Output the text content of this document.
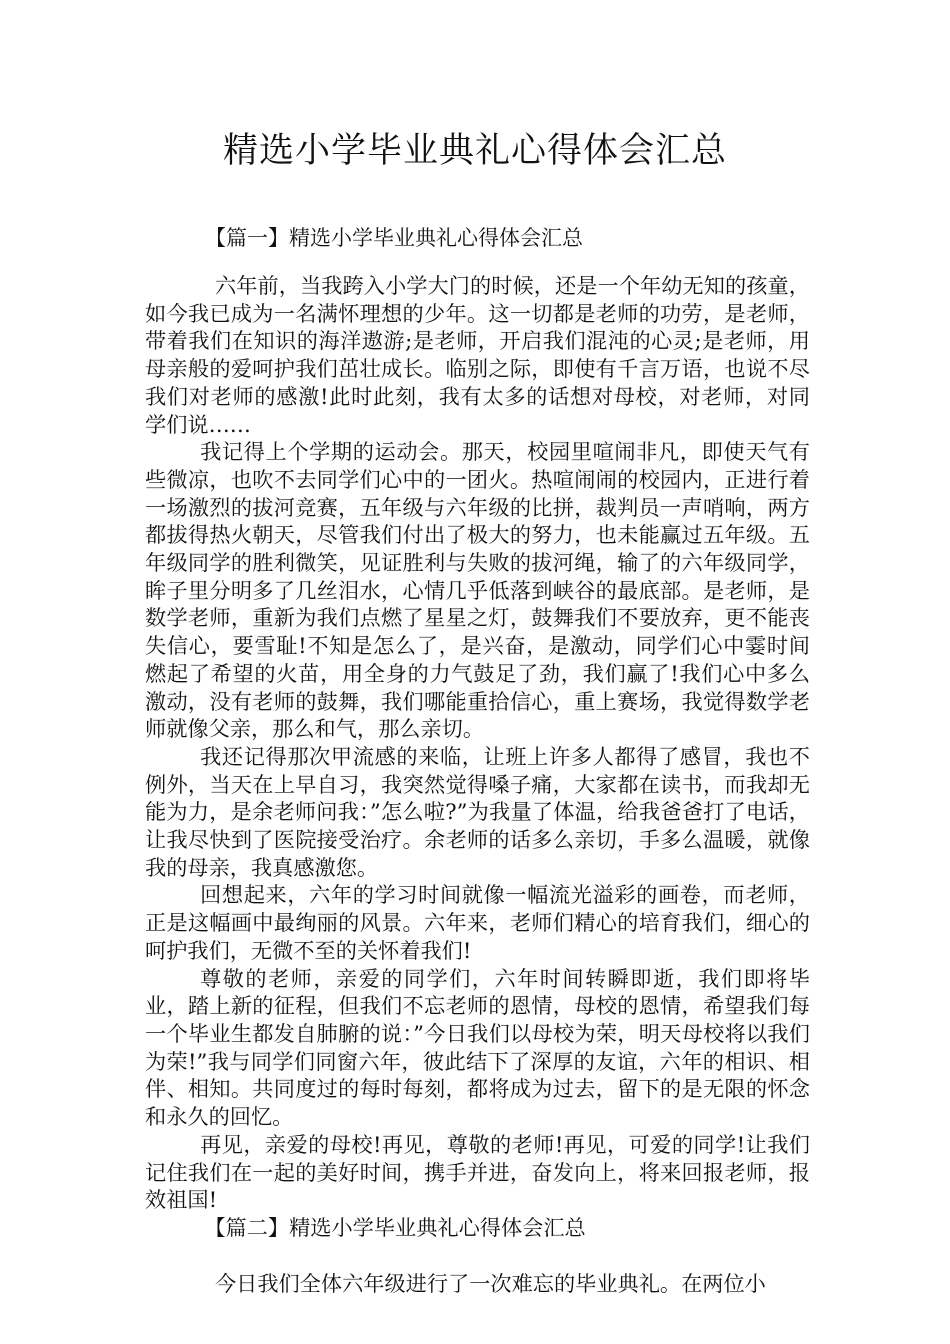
精选小学毕业典礼心得体会汇总
【篇一】精选小学毕业典礼心得体会汇总

六年前，当我跨入小学大门的时候，还是一个年幼无知的孩童，如今我已成为一名满怀理想的少年。这一切都是老师的功劳，是老师，带着我们在知识的海洋遨游;是老师，开启我们混沌的心灵;是老师，用母亲般的爱呵护我们茁壮成长。临别之际，即使有千言万语，也说不尽我们对老师的感激!此时此刻，我有太多的话想对母校，对老师，对同学们说……

我记得上个学期的运动会。那天，校园里喧闹非凡，即使天气有些微凉，也吹不去同学们心中的一团火。热喧闹闹的校园内，正进行着一场激烈的拔河竞赛，五年级与六年级的比拼，裁判员一声哨响，两方都拔得热火朝天，尽管我们付出了极大的努力，也未能赢过五年级。五年级同学的胜利微笑，见证胜利与失败的拔河绳，输了的六年级同学，眸子里分明多了几丝泪水，心情几乎低落到峡谷的最底部。是老师，是数学老师，重新为我们点燃了星星之灯，鼓舞我们不要放弃，更不能丧失信心，要雪耻!不知是怎么了，是兴奋，是激动，同学们心中霎时间燃起了希望的火苗，用全身的力气鼓足了劲，我们赢了!我们心中多么激动，没有老师的鼓舞，我们哪能重拾信心，重上赛场，我觉得数学老师就像父亲，那么和气，那么亲切。

我还记得那次甲流感的来临，让班上许多人都得了感冒，我也不例外，当天在上早自习，我突然觉得嗓子痛，大家都在读书，而我却无能为力，是余老师问我：”怎么啦?”为我量了体温，给我爸爸打了电话，让我尽快到了医院接受治疗。余老师的话多么亲切，手多么温暖，就像我的母亲，我真感激您。

回想起来，六年的学习时间就像一幅流光溢彩的画卷，而老师，正是这幅画中最绚丽的风景。六年来，老师们精心的培育我们，细心的呵护我们，无微不至的关怀着我们!

尊敬的老师，亲爱的同学们，六年时间转瞬即逝，我们即将毕业，踏上新的征程，但我们不忘老师的恩情，母校的恩情，希望我们每一个毕业生都发自肺腑的说：”今日我们以母校为荣，明天母校将以我们为荣!”我与同学们同窗六年，彼此结下了深厚的友谊，六年的相识、相伴、相知。共同度过的每时每刻，都将成为过去，留下的是无限的怀念和永久的回忆。

再见，亲爱的母校!再见，尊敬的老师!再见，可爱的同学!让我们记住我们在一起的美好时间，携手并进，奋发向上，将来回报老师，报效祖国!

【篇二】精选小学毕业典礼心得体会汇总

今日我们全体六年级进行了一次难忘的毕业典礼。在两位小
